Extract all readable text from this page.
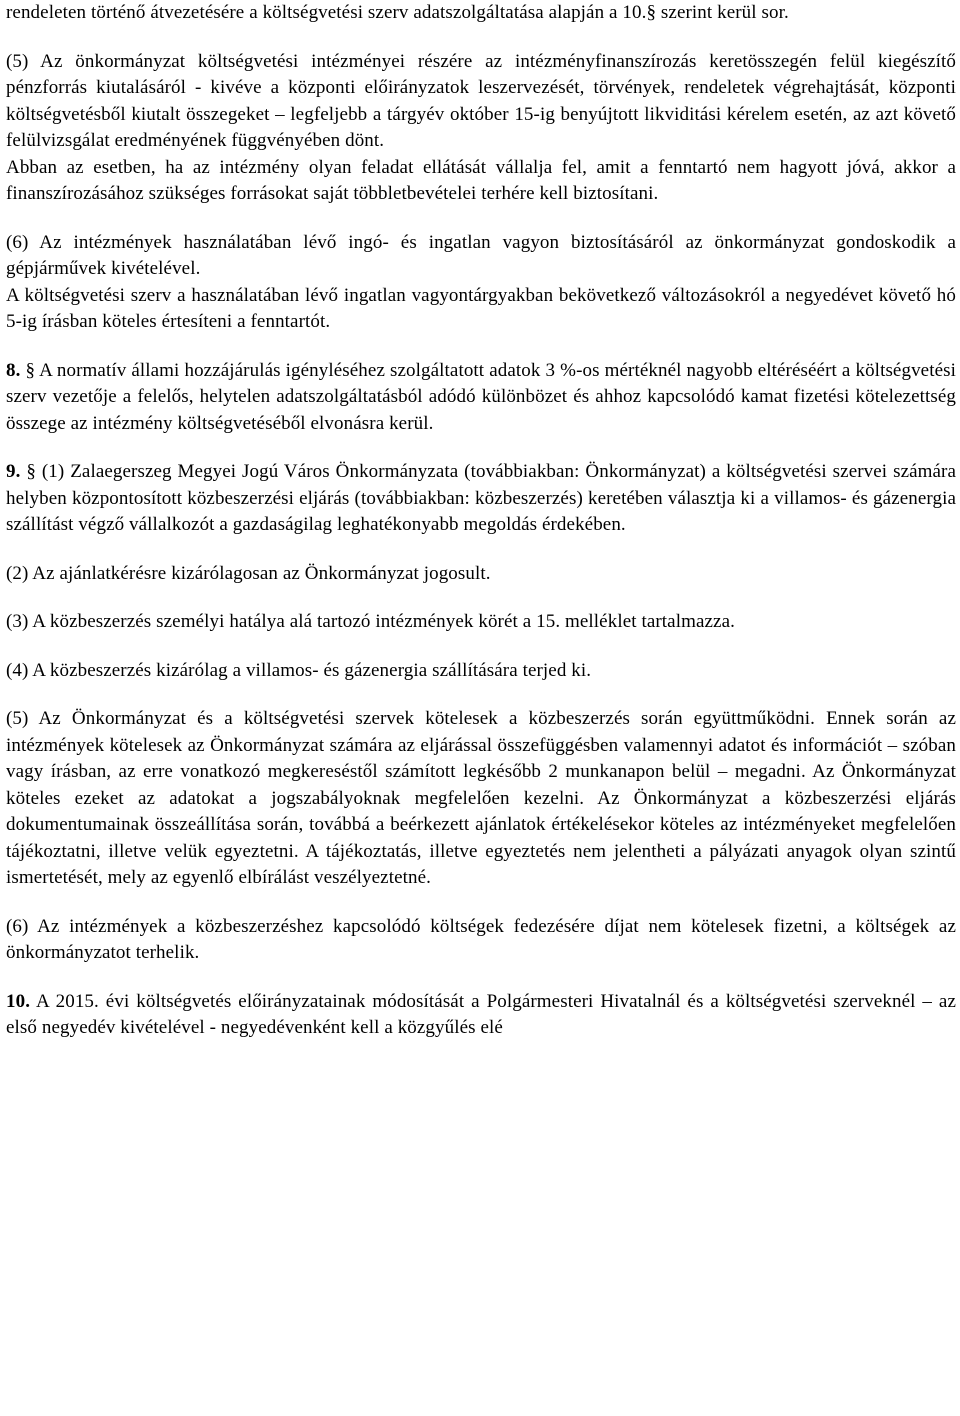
rendeleten történő átvezetésére a költségvetési szerv adatszolgáltatása alapján a 10.§ szerint kerül sor.

(5) Az önkormányzat költségvetési intézményei részére az intézményfinanszírozás keretösszegén felül kiegészítő pénzforrás kiutalásáról - kivéve a központi előirányzatok leszervezését, törvények, rendeletek végrehajtását, központi költségvetésből kiutalt összegeket – legfeljebb a tárgyév október 15-ig benyújtott likviditási kérelem esetén, az azt követő felülvizsgálat eredményének függvényében dönt.

Abban az esetben, ha az intézmény olyan feladat ellátását vállalja fel, amit a fenntartó nem hagyott jóvá, akkor a finanszírozásához szükséges forrásokat saját többletbevételei terhére kell biztosítani.

(6) Az intézmények használatában lévő ingó- és ingatlan vagyon biztosításáról az önkormányzat gondoskodik a gépjárművek kivételével.

A költségvetési szerv a használatában lévő ingatlan vagyontárgyakban bekövetkező változásokról a negyedévet követő hó 5-ig írásban köteles értesíteni a fenntartót.

8. § A normatív állami hozzájárulás igényléséhez szolgáltatott adatok 3 %-os mértéknél nagyobb eltéréséért a költségvetési szerv vezetője a felelős, helytelen adatszolgáltatásból adódó különbözet és ahhoz kapcsolódó kamat fizetési kötelezettség összege az intézmény költségvetéséből elvonásra kerül.

9. § (1) Zalaegerszeg Megyei Jogú Város Önkormányzata (továbbiakban: Önkormányzat) a költségvetési szervei számára helyben központosított közbeszerzési eljárás (továbbiakban: közbeszerzés) keretében választja ki a villamos- és gázenergia szállítást végző vállalkozót a gazdaságilag leghatékonyabb megoldás érdekében.

(2) Az ajánlatkérésre kizárólagosan az Önkormányzat jogosult.

(3) A közbeszerzés személyi hatálya alá tartozó intézmények körét a 15. melléklet tartalmazza.

(4) A közbeszerzés kizárólag a villamos- és gázenergia szállítására terjed ki.

(5) Az Önkormányzat és a költségvetési szervek kötelesek a közbeszerzés során együttműködni. Ennek során az intézmények kötelesek az Önkormányzat számára az eljárással összefüggésben valamennyi adatot és információt – szóban vagy írásban, az erre vonatkozó megkereséstől számított legkésőbb 2 munkanapon belül – megadni. Az Önkormányzat köteles ezeket az adatokat a jogszabályoknak megfelelően kezelni. Az Önkormányzat a közbeszerzési eljárás dokumentumainak összeállítása során, továbbá a beérkezett ajánlatok értékelésekor köteles az intézményeket megfelelően tájékoztatni, illetve velük egyeztetni. A tájékoztatás, illetve egyeztetés nem jelentheti a pályázati anyagok olyan szintű ismertetését, mely az egyenlő elbírálást veszélyeztetné.

(6) Az intézmények a közbeszerzéshez kapcsolódó költségek fedezésére díjat nem kötelesek fizetni, a költségek az önkormányzatot terhelik.

10. A 2015. évi költségvetés előirányzatainak módosítását a Polgármesteri Hivatalnál és a költségvetési szerveknél – az első negyedév kivételével - negyedévenként kell a közgyűlés elé
